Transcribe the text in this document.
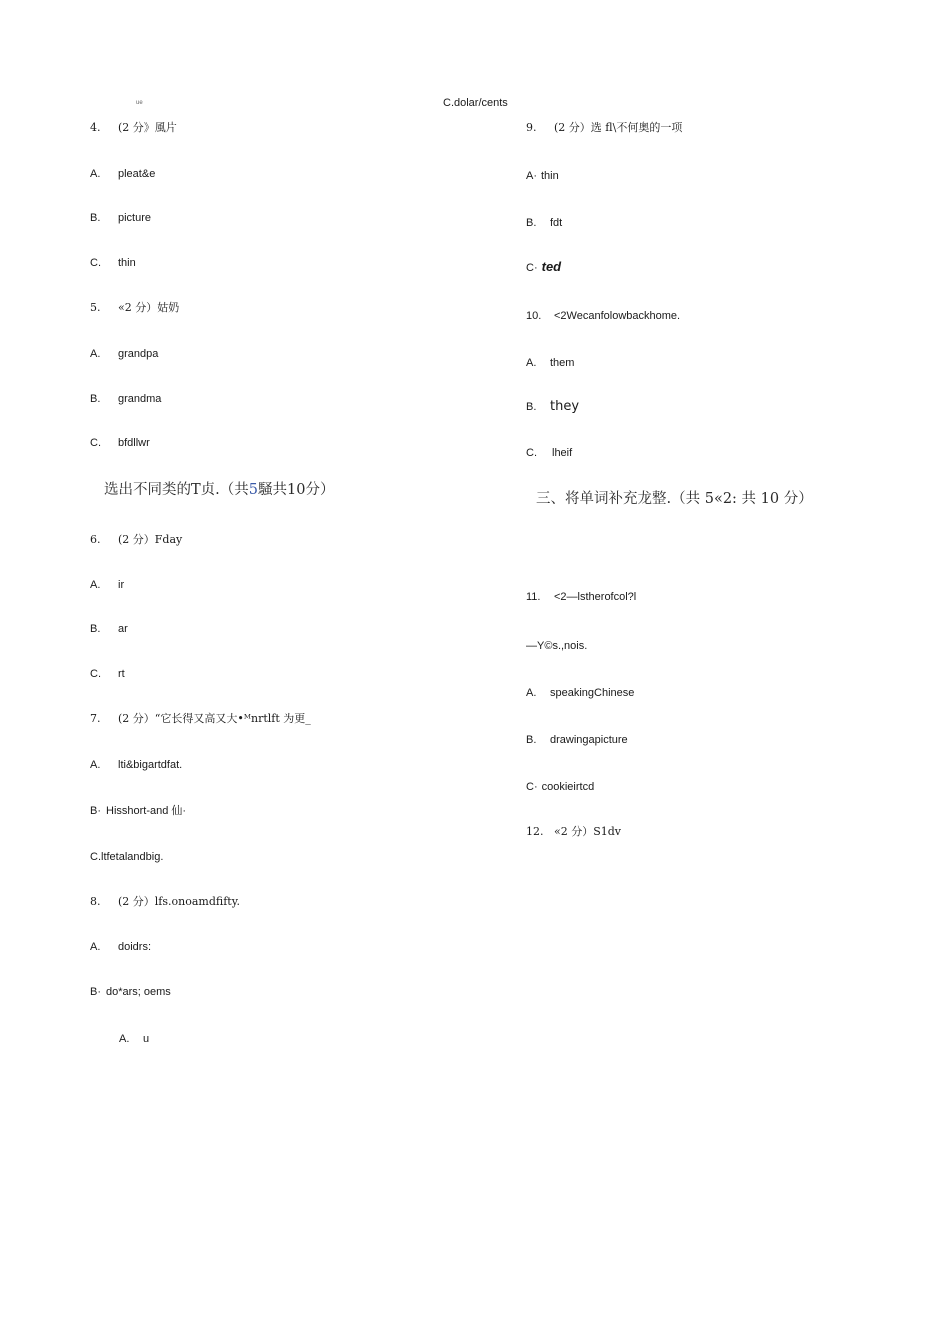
ue	C.dolar/cents
4. (2 分》風片
A. pleat&e
B. picture
C. thin
5. «2 分）姑奶
A. grandpa
B. grandma
C. bfdllwr
选出不同类的T贞.（共5騒共10分）
6. (2 分）Fday
A. ir
B. ar
C. rt
7. (2 分）“它长得又高又大•ᴹnrtlft 为更_
A. lti&bigartdfat.
B· Hisshort-and 仙·
C.ltfetalandbig.
8. (2 分）lfs.onoamdfifty.
A. doidrs:
B· do*ars; oems
A. u
9. (2 分）选 fl\不何奥的一项
A· thin
B. fdt
C· ted
10. <2Wecanfolowbackhome.
A. them
B. they
C. lheif
三、将单词补充龙整.（共 5«2: 共 10 分）
11. <2—lstherofcol?l
—Y©s.,nois.
A. speakingChinese
B. drawingapicture
C· cookieirtcd
12. «2 分）S1dv
